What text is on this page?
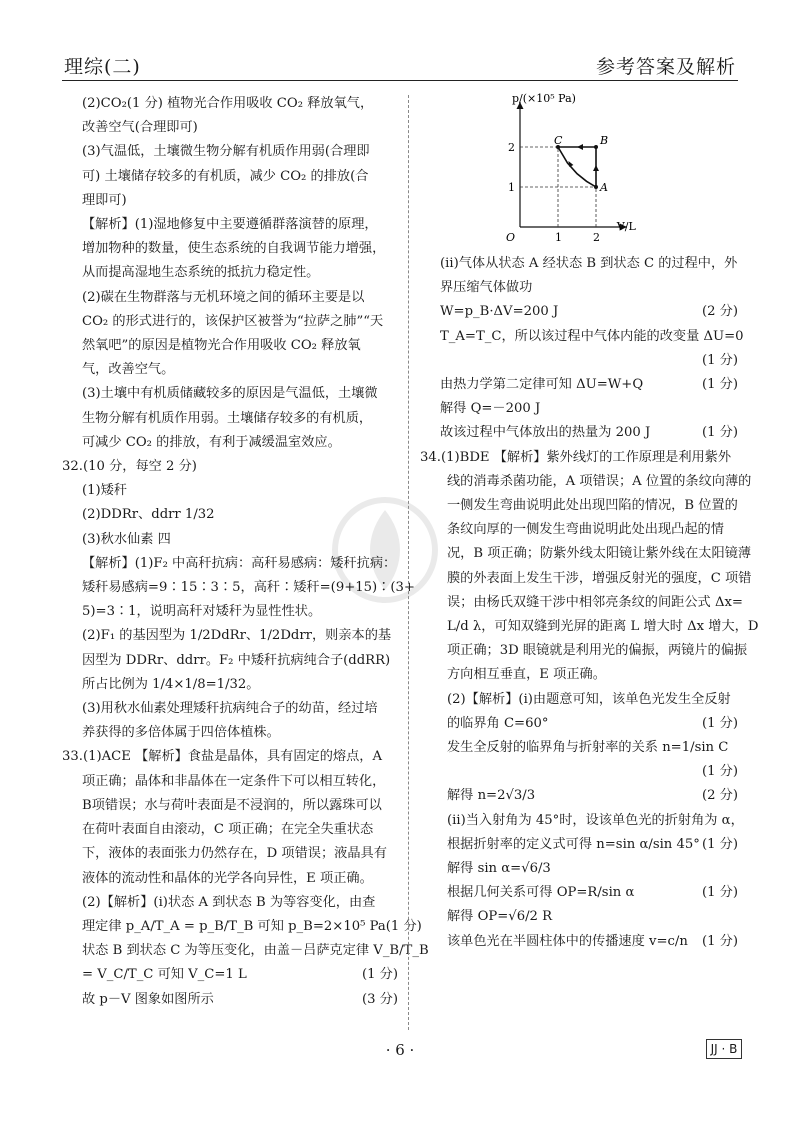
理综(二)	参考答案及解析
(2)CO₂(1 分) 植物光合作用吸收 CO₂ 释放氧气，
改善空气(合理即可)
(3)气温低，土壤微生物分解有机质作用弱(合理即
可) 土壤储存较多的有机质，减少 CO₂ 的排放(合
理即可)
【解析】(1)湿地修复中主要遵循群落演替的原理，
增加物种的数量，使生态系统的自我调节能力增强，
从而提高湿地生态系统的抵抗力稳定性。
(2)碳在生物群落与无机环境之间的循环主要是以
CO₂ 的形式进行的，该保护区被誉为“拉萨之肺”“天
然氧吧”的原因是植物光合作用吸收 CO₂ 释放氧
气，改善空气。
(3)土壤中有机质储藏较多的原因是气温低，土壤微
生物分解有机质作用弱。土壤储存较多的有机质，
可减少 CO₂ 的排放，有利于减缓温室效应。
32.(10 分，每空 2 分)
(1)矮秆
(2)DDRr、ddrr 1/32
(3)秋水仙素 四
【解析】(1)F₂ 中高秆抗病：高秆易感病：矮秆抗病：
矮秆易感病=9∶15∶3∶5，高秆∶矮秆=(9+15)∶(3+
5)=3∶1，说明高秆对矮秆为显性性状。
(2)F₁ 的基因型为 1/2DdRr、1/2Ddrr，则亲本的基
因型为 DDRr、ddrr。F₂ 中矮秆抗病纯合子(ddRR)
所占比例为 1/4×1/8=1/32。
(3)用秋水仙素处理矮秆抗病纯合子的幼苗，经过培
养获得的多倍体属于四倍体植株。
33.(1)ACE 【解析】食盐是晶体，具有固定的熔点，A
项正确；晶体和非晶体在一定条件下可以相互转化，
B项错误；水与荷叶表面是不浸润的，所以露珠可以
在荷叶表面自由滚动，C 项正确；在完全失重状态
下，液体的表面张力仍然存在，D 项错误；液晶具有
液体的流动性和晶体的光学各向异性，E 项正确。
(2)【解析】(ⅰ)状态 A 到状态 B 为等容变化，由查
理定律 p_A/T_A = p_B/T_B 可知 p_B=2×10⁵ Pa (1 分)
状态 B 到状态 C 为等压变化，由盖－吕萨克定律 V_B/T_B
= V_C/T_C 可知 V_C=1 L	(1 分)
故 p－V 图象如图所示	(3 分)
p/(×10⁵ Pa)
V/L
O	1	2
1
2
A
B
C
(ⅱ)气体从状态 A 经状态 B 到状态 C 的过程中，外
界压缩气体做功
W=p_B·ΔV=200 J	(2 分)
T_A=T_C，所以该过程中气体内能的改变量 ΔU=0
(1 分)
由热力学第二定律可知 ΔU=W+Q	(1 分)
解得 Q=－200 J
故该过程中气体放出的热量为 200 J	(1 分)
34.(1)BDE 【解析】紫外线灯的工作原理是利用紫外
线的消毒杀菌功能，A 项错误；A 位置的条纹向薄的
一侧发生弯曲说明此处出现凹陷的情况，B 位置的
条纹向厚的一侧发生弯曲说明此处出现凸起的情
况，B 项正确；防紫外线太阳镜让紫外线在太阳镜薄
膜的外表面上发生干涉，增强反射光的强度，C 项错
误；由杨氏双缝干涉中相邻亮条纹的间距公式 Δx=
L/d λ，可知双缝到光屏的距离 L 增大时 Δx 增大，D
项正确；3D 眼镜就是利用光的偏振，两镜片的偏振
方向相互垂直，E 项正确。
(2)【解析】(ⅰ)由题意可知，该单色光发生全反射
的临界角 C=60°	(1 分)
发生全反射的临界角与折射率的关系 n=1/sin C
(1 分)
解得 n=2√3/3	(2 分)
(ⅱ)当入射角为 45°时，设该单色光的折射角为 α，
根据折射率的定义式可得 n=sin α/sin 45° (1 分)
解得 sin α=√6/3
根据几何关系可得 OP=R/sin α	(1 分)
解得 OP=√6/2 R
该单色光在半圆柱体中的传播速度 v=c/n (1 分)
· 6 ·	JJ · B
